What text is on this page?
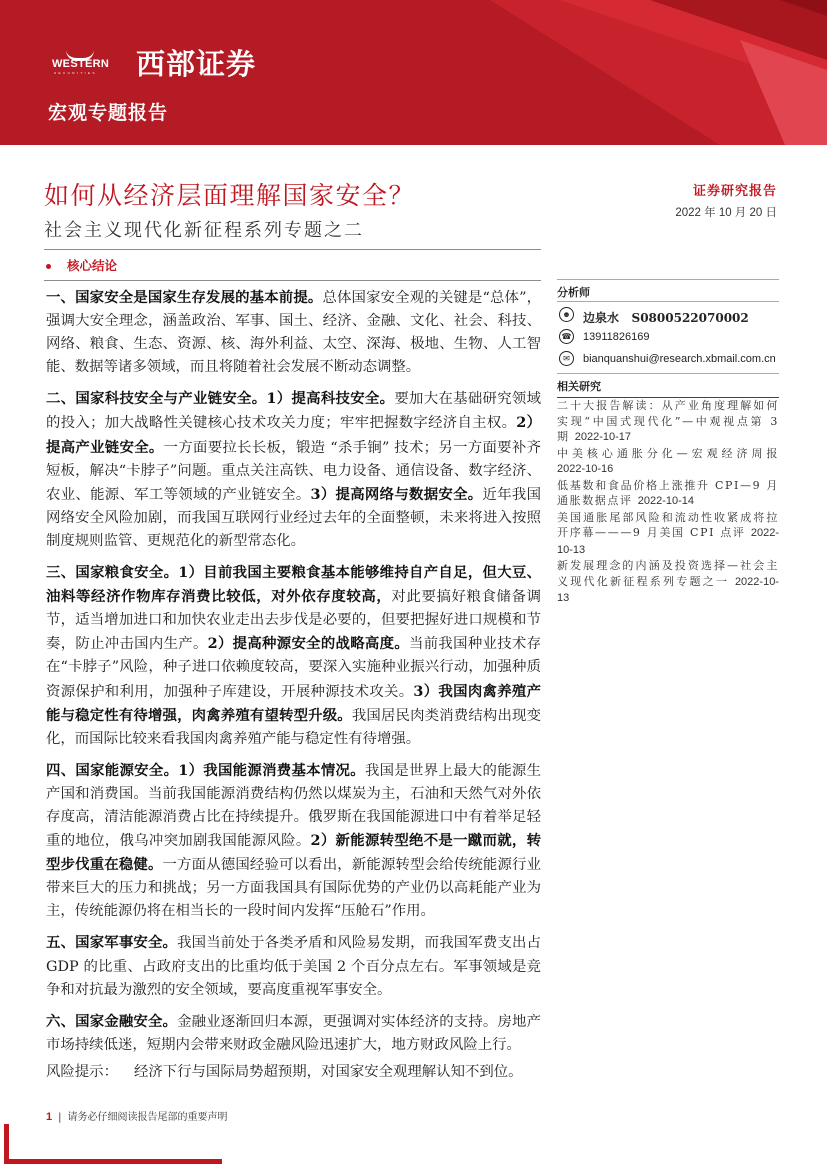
WESTERN
SECURITIES 西部证券
宏观专题报告
如何从经济层面理解国家安全？
社会主义现代化新征程系列专题之二
核心结论
证券研究报告
2022 年 10 月 20 日

一、国家安全是国家生存发展的基本前提。总体国家安全观的关键是“总体”，强调大安全理念，涵盖政治、军事、国土、经济、金融、文化、社会、科技、网络、粮食、生态、资源、核、海外利益、太空、深海、极地、生物、人工智能、数据等诸多领域，而且将随着社会发展不断动态调整。

二、国家科技安全与产业链安全。1）提高科技安全。要加大在基础研究领域的投入；加大战略性关键核心技术攻关力度；牢牢把握数字经济自主权。2）提高产业链安全。一方面要拉长长板，锻造 “杀手锏” 技术；另一方面要补齐短板，解决“卡脖子”问题。重点关注高铁、电力设备、通信设备、数字经济、农业、能源、军工等领域的产业链安全。3）提高网络与数据安全。近年我国网络安全风险加剧，而我国互联网行业经过去年的全面整顿，未来将进入按照制度规则监管、更规范化的新型常态化。

三、国家粮食安全。1）目前我国主要粮食基本能够维持自产自足，但大豆、油料等经济作物库存消费比较低，对外依存度较高，对此要搞好粮食储备调节，适当增加进口和加快农业走出去步伐是必要的，但要把握好进口规模和节奏，防止冲击国内生产。2）提高种源安全的战略高度。当前我国种业技术存在“卡脖子”风险，种子进口依赖度较高，要深入实施种业振兴行动，加强种质资源保护和利用，加强种子库建设，开展种源技术攻关。3）我国肉禽养殖产能与稳定性有待增强，肉禽养殖有望转型升级。我国居民肉类消费结构出现变化，而国际比较来看我国肉禽养殖产能与稳定性有待增强。

四、国家能源安全。1）我国能源消费基本情况。我国是世界上最大的能源生产国和消费国。当前我国能源消费结构仍然以煤炭为主，石油和天然气对外依存度高，清洁能源消费占比在持续提升。俄罗斯在我国能源进口中有着举足轻重的地位，俄乌冲突加剧我国能源风险。2）新能源转型绝不是一蹴而就，转型步伐重在稳健。一方面从德国经验可以看出，新能源转型会给传统能源行业带来巨大的压力和挑战；另一方面我国具有国际优势的产业仍以高耗能产业为主，传统能源仍将在相当长的一段时间内发挥“压舱石”作用。

五、国家军事安全。我国当前处于各类矛盾和风险易发期，而我国军费支出占 GDP 的比重、占政府支出的比重均低于美国 2 个百分点左右。军事领域是竞争和对抗最为激烈的安全领域，要高度重视军事安全。

六、国家金融安全。金融业逐渐回归本源，更强调对实体经济的支持。房地产市场持续低迷，短期内会带来财政金融风险迅速扩大，地方财政风险上行。

分析师
☻ 边泉水   S0800522070002
☎ 13911826169
✉	bianquanshui@research.xbmail.com.cn
相关研究
二十大报告解读：从产业角度理解如何实现“中国式现代化”—中观视点第 3 期 2022-10-17
中美核心通胀分化—宏观经济周报 2022-10-16
低基数和食品价格上涨推升 CPI—9 月通胀数据点评 2022-10-14
美国通胀尾部风险和流动性收紧成将拉开序幕———9 月美国 CPI 点评 2022-10-13
新发展理念的内涵及投资选择—社会主义现代化新征程系列专题之一 2022-10-13
风险提示： 经济下行与国际局势超预期，对国家安全观理解认知不到位。
1 | 请务必仔细阅读报告尾部的重要声明
